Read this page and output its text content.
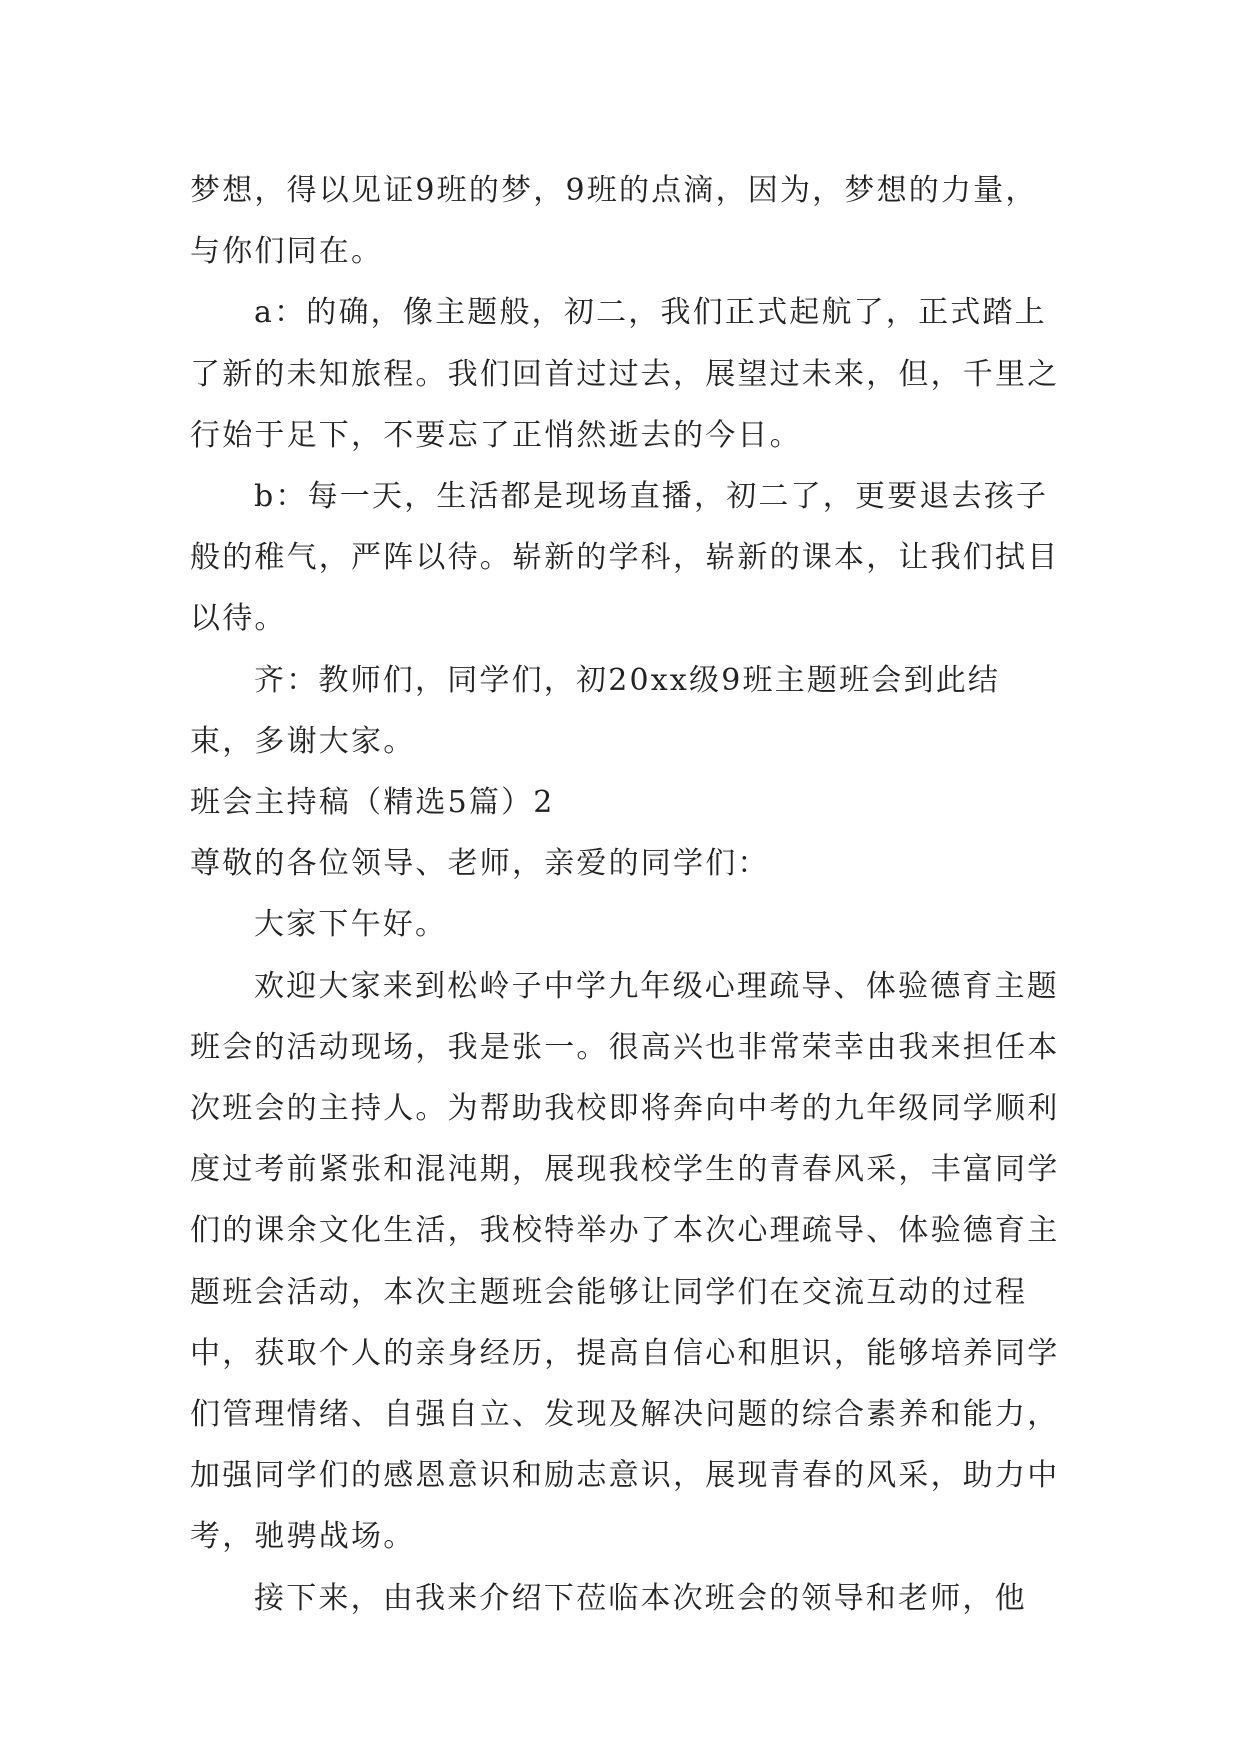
梦想，得以见证9班的梦，9班的点滴，因为，梦想的力量，与你们同在。

a：的确，像主题般，初二，我们正式起航了，正式踏上了新的未知旅程。我们回首过过去，展望过未来，但，千里之行始于足下，不要忘了正悄然逝去的今日。

b：每一天，生活都是现场直播，初二了，更要退去孩子般的稚气，严阵以待。崭新的学科，崭新的课本，让我们拭目以待。

齐：教师们，同学们，初20xx级9班主题班会到此结束，多谢大家。

班会主持稿（精选5篇）2

尊敬的各位领导、老师，亲爱的同学们：

大家下午好。

欢迎大家来到松岭子中学九年级心理疏导、体验德育主题班会的活动现场，我是张一。很高兴也非常荣幸由我来担任本次班会的主持人。为帮助我校即将奔向中考的九年级同学顺利度过考前紧张和混沌期，展现我校学生的青春风采，丰富同学们的课余文化生活，我校特举办了本次心理疏导、体验德育主题班会活动，本次主题班会能够让同学们在交流互动的过程中，获取个人的亲身经历，提高自信心和胆识，能够培养同学们管理情绪、自强自立、发现及解决问题的综合素养和能力，加强同学们的感恩意识和励志意识，展现青春的风采，助力中考，驰骋战场。

接下来，由我来介绍下莅临本次班会的领导和老师，他
